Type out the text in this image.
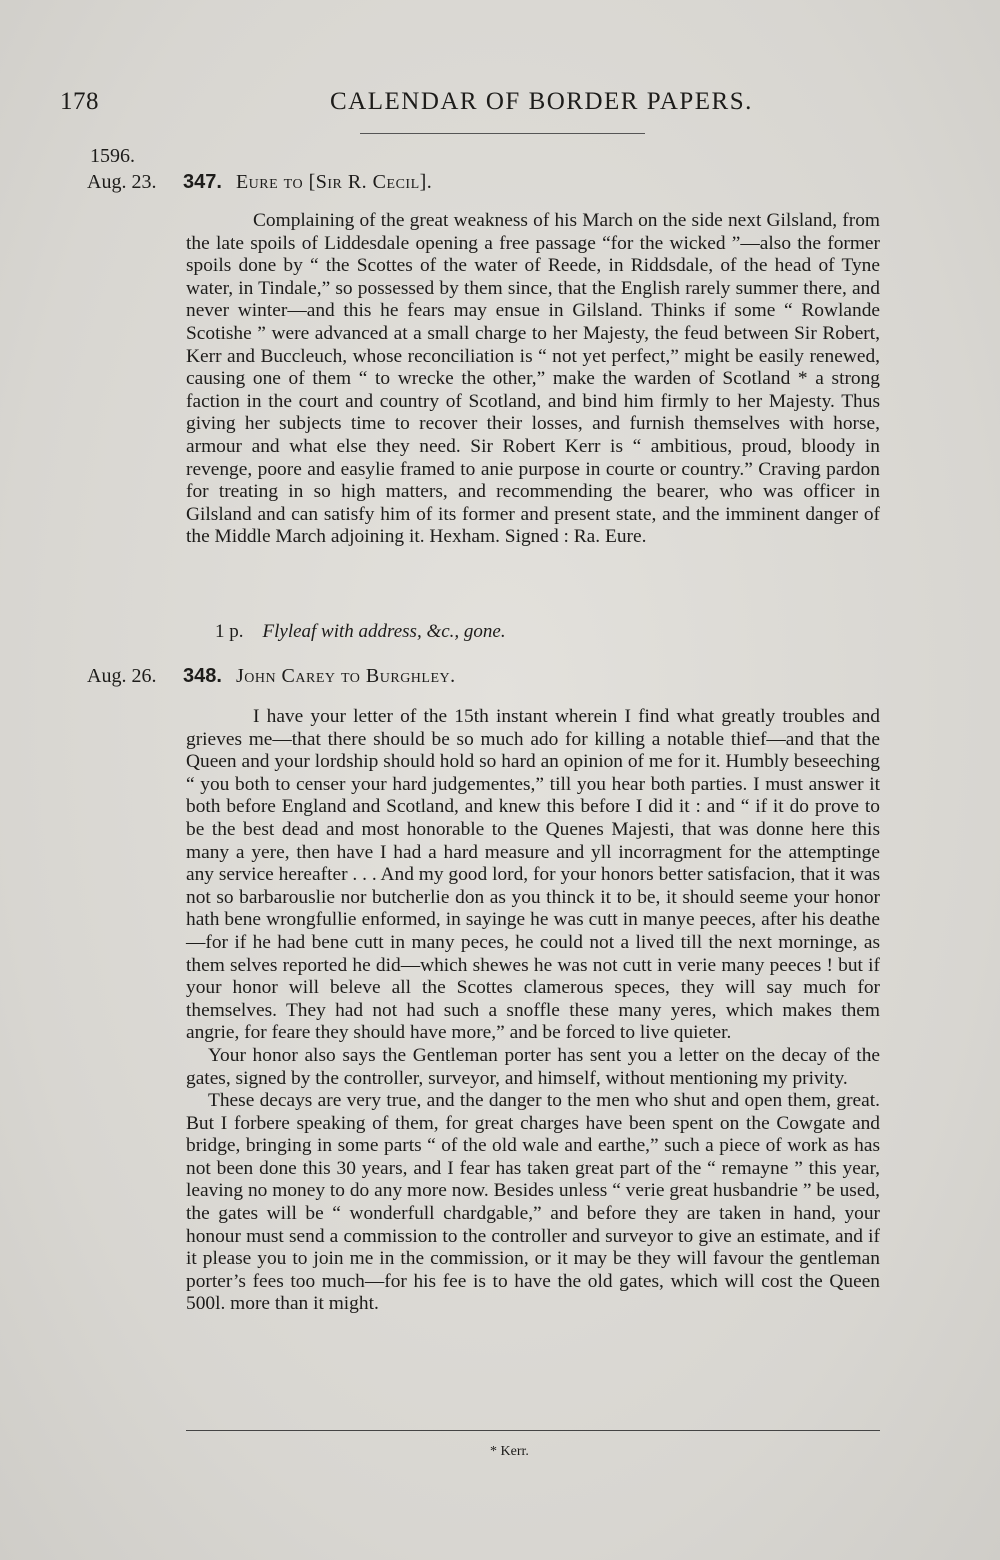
178	CALENDAR OF BORDER PAPERS.
1596.
Aug. 23. 347. Eure to [Sir R. Cecil].

Complaining of the great weakness of his March on the side next Gilsland, from the late spoils of Liddesdale opening a free passage “for the wicked ”—also the former spoils done by “ the Scottes of the water of Reede, in Riddsdale, of the head of Tyne water, in Tindale,” so possessed by them since, that the English rarely summer there, and never winter—and this he fears may ensue in Gilsland. Thinks if some “ Rowlande Scotishe ” were advanced at a small charge to her Majesty, the feud between Sir Robert, Kerr and Buccleuch, whose reconciliation is “ not yet perfect,” might be easily renewed, causing one of them “ to wrecke the other,” make the warden of Scotland * a strong faction in the court and country of Scotland, and bind him firmly to her Majesty. Thus giving her subjects time to recover their losses, and furnish themselves with horse, armour and what else they need. Sir Robert Kerr is “ ambitious, proud, bloody in revenge, poore and easylie framed to anie purpose in courte or country.” Craving pardon for treating in so high matters, and recommending the bearer, who was officer in Gilsland and can satisfy him of its former and present state, and the imminent danger of the Middle March adjoining it. Hexham. Signed : Ra. Eure.

1 p. Flyleaf with address, &c., gone.
Aug. 26. 348. John Carey to Burghley.

I have your letter of the 15th instant wherein I find what greatly troubles and grieves me—that there should be so much ado for killing a notable thief—and that the Queen and your lordship should hold so hard an opinion of me for it. Humbly beseeching “ you both to censer your hard judgementes,” till you hear both parties. I must answer it both before England and Scotland, and knew this before I did it : and “ if it do prove to be the best dead and most honorable to the Quenes Majesti, that was donne here this many a yere, then have I had a hard measure and yll incorragment for the attemptinge any service hereafter . . . And my good lord, for your honors better satisfacion, that it was not so barbarouslie nor butcherlie don as you thinck it to be, it should seeme your honor hath bene wrongfullie enformed, in sayinge he was cutt in manye peeces, after his deathe—for if he had bene cutt in many peces, he could not a lived till the next morninge, as them selves reported he did—which shewes he was not cutt in verie many peeces ! but if your honor will beleve all the Scottes clamerous speces, they will say much for themselves. They had not had such a snoffle these many yeres, which makes them angrie, for feare they should have more,” and be forced to live quieter.

Your honor also says the Gentleman porter has sent you a letter on the decay of the gates, signed by the controller, surveyor, and himself, without mentioning my privity.

These decays are very true, and the danger to the men who shut and open them, great. But I forbere speaking of them, for great charges have been spent on the Cowgate and bridge, bringing in some parts “ of the old wale and earthe,” such a piece of work as has not been done this 30 years, and I fear has taken great part of the “ remayne ” this year, leaving no money to do any more now. Besides unless “ verie great husbandrie ” be used, the gates will be “ wonderfull chardgable,” and before they are taken in hand, your honour must send a commission to the controller and surveyor to give an estimate, and if it please you to join me in the commission, or it may be they will favour the gentleman porter’s fees too much—for his fee is to have the old gates, which will cost the Queen 500l. more than it might.

* Kerr.
